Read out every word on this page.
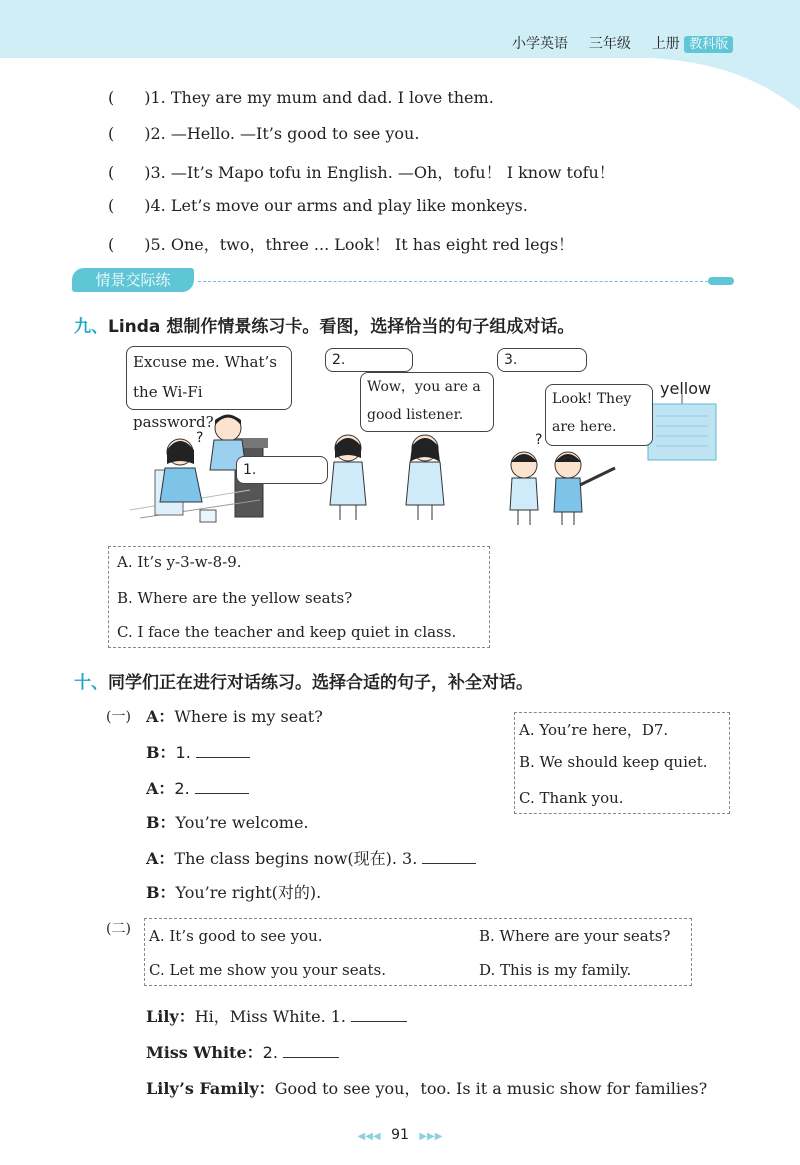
小学英语 三年级 上册 教科版
( )1. They are my mum and dad. I love them.
( )2. —Hello. —It’s good to see you.
( )3. —It’s Mapo tofu in English. —Oh，tofu！ I know tofu！
( )4. Let’s move our arms and play like monkeys.
( )5. One，two，three ... Look！ It has eight red legs！
情景交际练
九、Linda 想制作情景练习卡。看图，选择恰当的句子组成对话。
?	?
Excuse me. What’s
the Wi-Fi password?
1.
2.
Wow，you are a
good listener.
3.
Look! They
are here.
yellow
A. It’s y-3-w-8-9.
B. Where are the yellow seats?
C. I face the teacher and keep quiet in class.
十、同学们正在进行对话练习。选择合适的句子，补全对话。
(一) A：Where is my seat?
B：1.
A：2.
B：You’re welcome.
A：The class begins now(现在). 3.
B：You’re right(对的).
A. You’re here，D7.
B. We should keep quiet.
C. Thank you.
(二) A. It’s good to see you.	B. Where are your seats?
C. Let me show you your seats.	D. This is my family.
Lily：Hi，Miss White. 1.
Miss White：2.
Lily’s Family：Good to see you，too. Is it a music show for families?
◀◀◀ 91 ▶▶▶
